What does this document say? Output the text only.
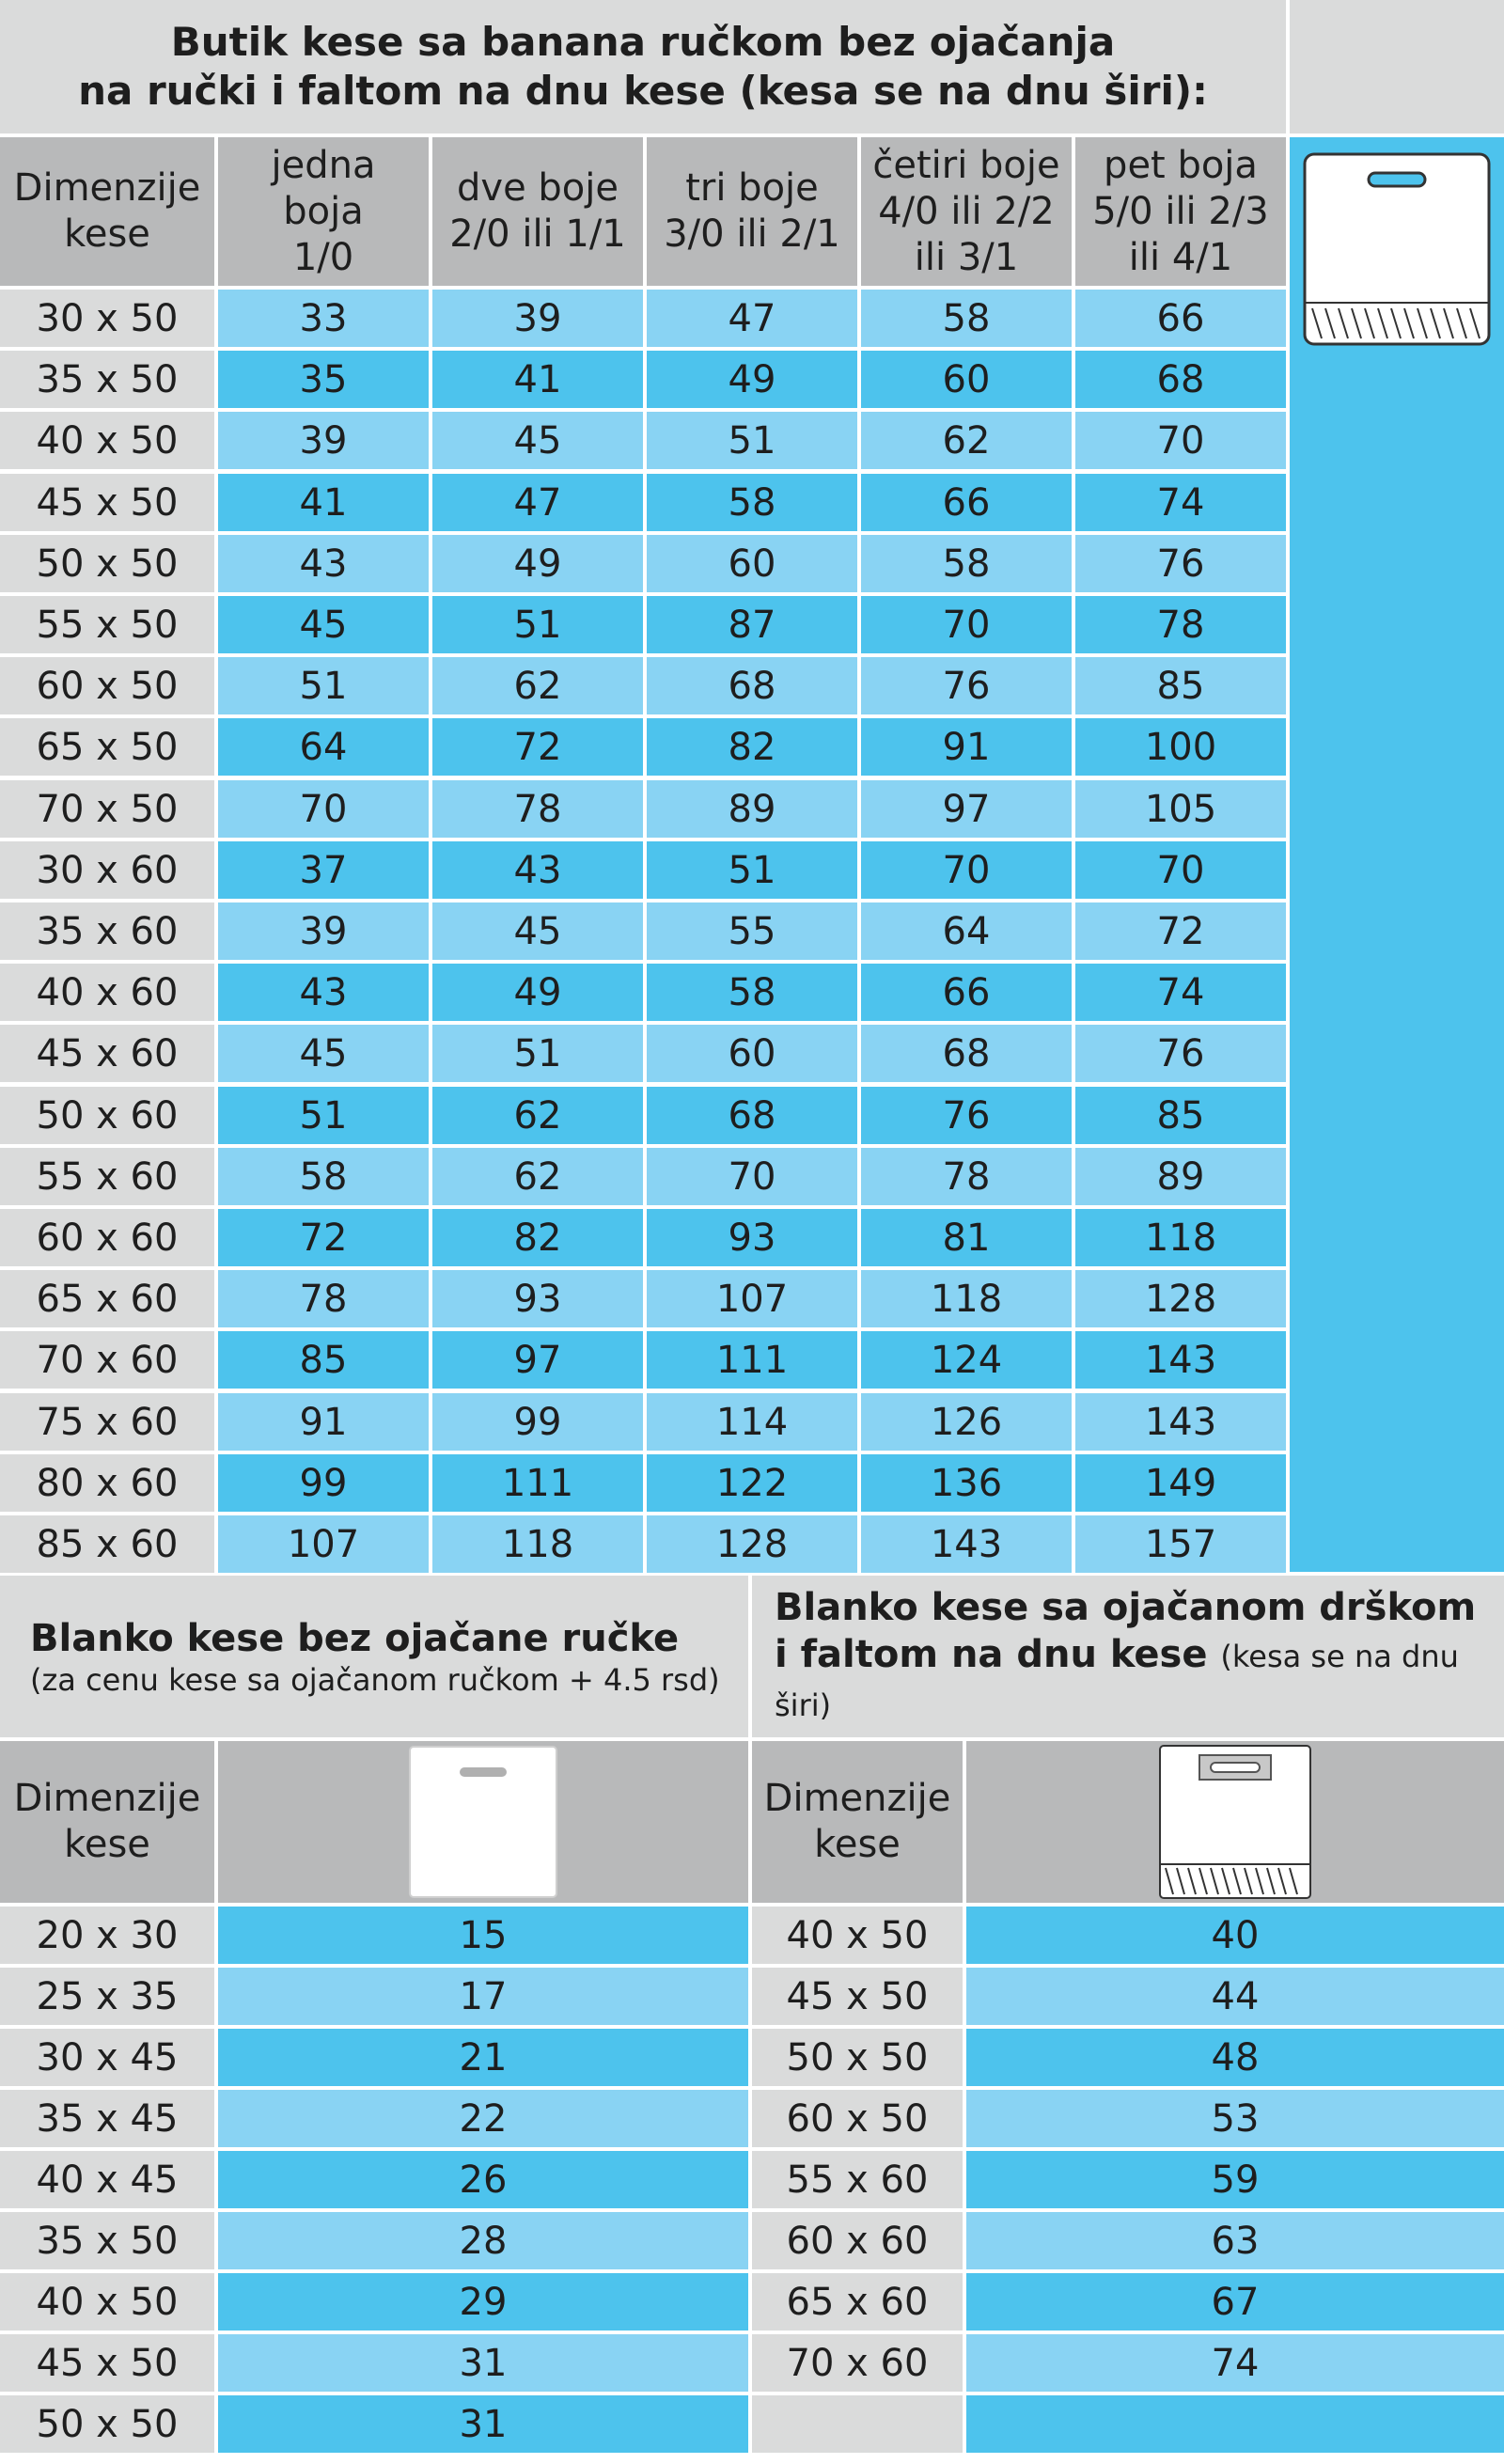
Butik kese sa banana ručkom bez ojačanja
na ručki i faltom na dnu kese (kesa se na dnu širi):
Dimenzije
kese
jedna
boja
1/0
dve boje
2/0 ili 1/1
tri boje
3/0 ili 2/1
četiri boje
4/0 ili 2/2
ili 3/1
pet boja
5/0 ili 2/3
ili 4/1
30 x 50	33	39	47	58	66
35 x 50	35	41	49	60	68
40 x 50	39	45	51	62	70
45 x 50	41	47	58	66	74
50 x 50	43	49	60	58	76
55 x 50	45	51	87	70	78
60 x 50	51	62	68	76	85
65 x 50	64	72	82	91	100
70 x 50	70	78	89	97	105
30 x 60	37	43	51	70	70
35 x 60	39	45	55	64	72
40 x 60	43	49	58	66	74
45 x 60	45	51	60	68	76
50 x 60	51	62	68	76	85
55 x 60	58	62	70	78	89
60 x 60	72	82	93	81	118
65 x 60	78	93	107	118	128
70 x 60	85	97	111	124	143
75 x 60	91	99	114	126	143
80 x 60	99	111	122	136	149
85 x 60	107	118	128	143	157
Blanko kese bez ojačane ručke
(za cenu kese sa ojačanom ručkom + 4.5 rsd)
Dimenzije
kese
20 x 30	15
25 x 35	17
30 x 45	21
35 x 45	22
40 x 45	26
35 x 50	28
40 x 50	29
45 x 50	31
50 x 50	31
Blanko kese sa ojačanom drškom
i faltom na dnu kese (kesa se na dnu širi)
Dimenzije
kese
40 x 50	40
45 x 50	44
50 x 50	48
60 x 50	53
55 x 60	59
60 x 60	63
65 x 60	67
70 x 60	74
